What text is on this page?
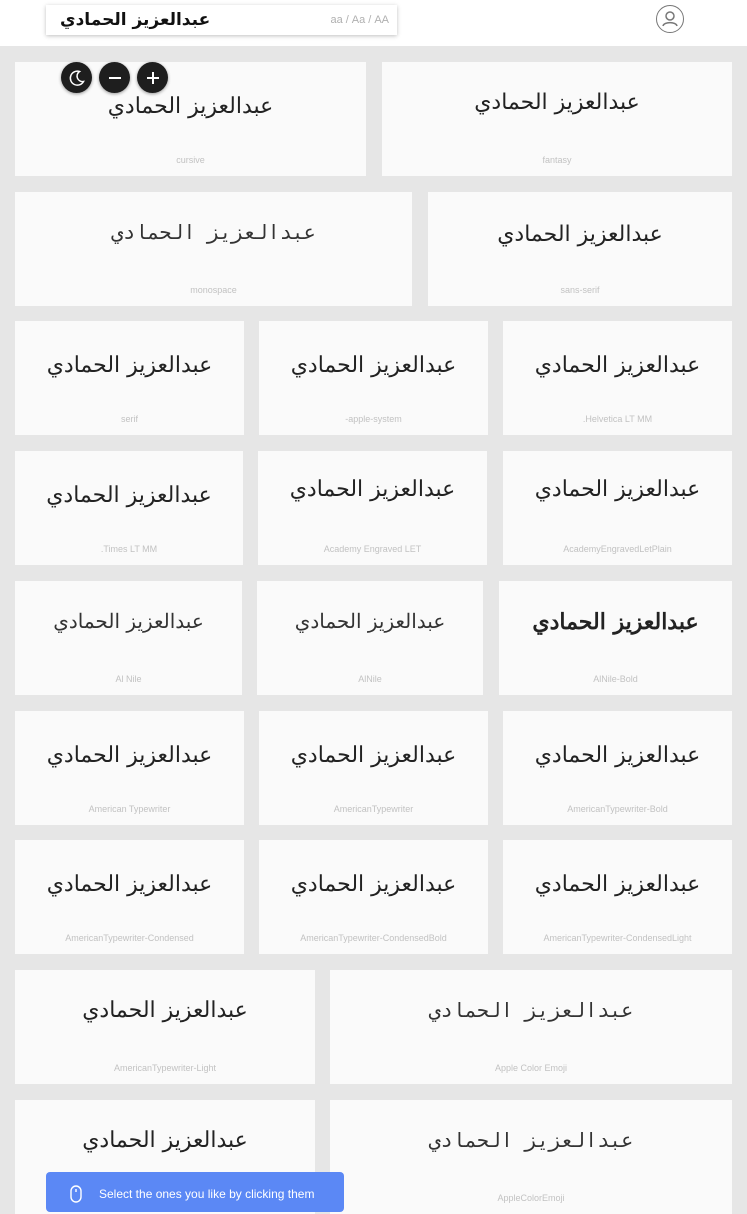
عبدالعزيز الحمادي	aa / Aa / AA
عبدالعزيز الحمادي
cursive
عبدالعزيز الحمادي
fantasy
عبدالعزيز الحمادي
monospace
عبدالعزيز الحمادي
sans-serif
عبدالعزيز الحمادي
serif
عبدالعزيز الحمادي
-apple-system
عبدالعزيز الحمادي
.Helvetica LT MM
عبدالعزيز الحمادي
.Times LT MM
عبدالعزيز الحمادي
Academy Engraved LET
عبدالعزيز الحمادي
AcademyEngravedLetPlain
عبدالعزيز الحمادي
Al Nile
عبدالعزيز الحمادي
AlNile
عبدالعزيز الحمادي
AlNile-Bold
عبدالعزيز الحمادي
American Typewriter
عبدالعزيز الحمادي
AmericanTypewriter
عبدالعزيز الحمادي
AmericanTypewriter-Bold
عبدالعزيز الحمادي
AmericanTypewriter-Condensed
عبدالعزيز الحمادي
AmericanTypewriter-CondensedBold
عبدالعزيز الحمادي
AmericanTypewriter-CondensedLight
عبدالعزيز الحمادي
AmericanTypewriter-Light
عبدالعزيز الحمادي
Apple Color Emoji
عبدالعزيز الحمادي	عبدالعزيز الحمادي
AppleColorEmoji
Select the ones you like by clicking them
